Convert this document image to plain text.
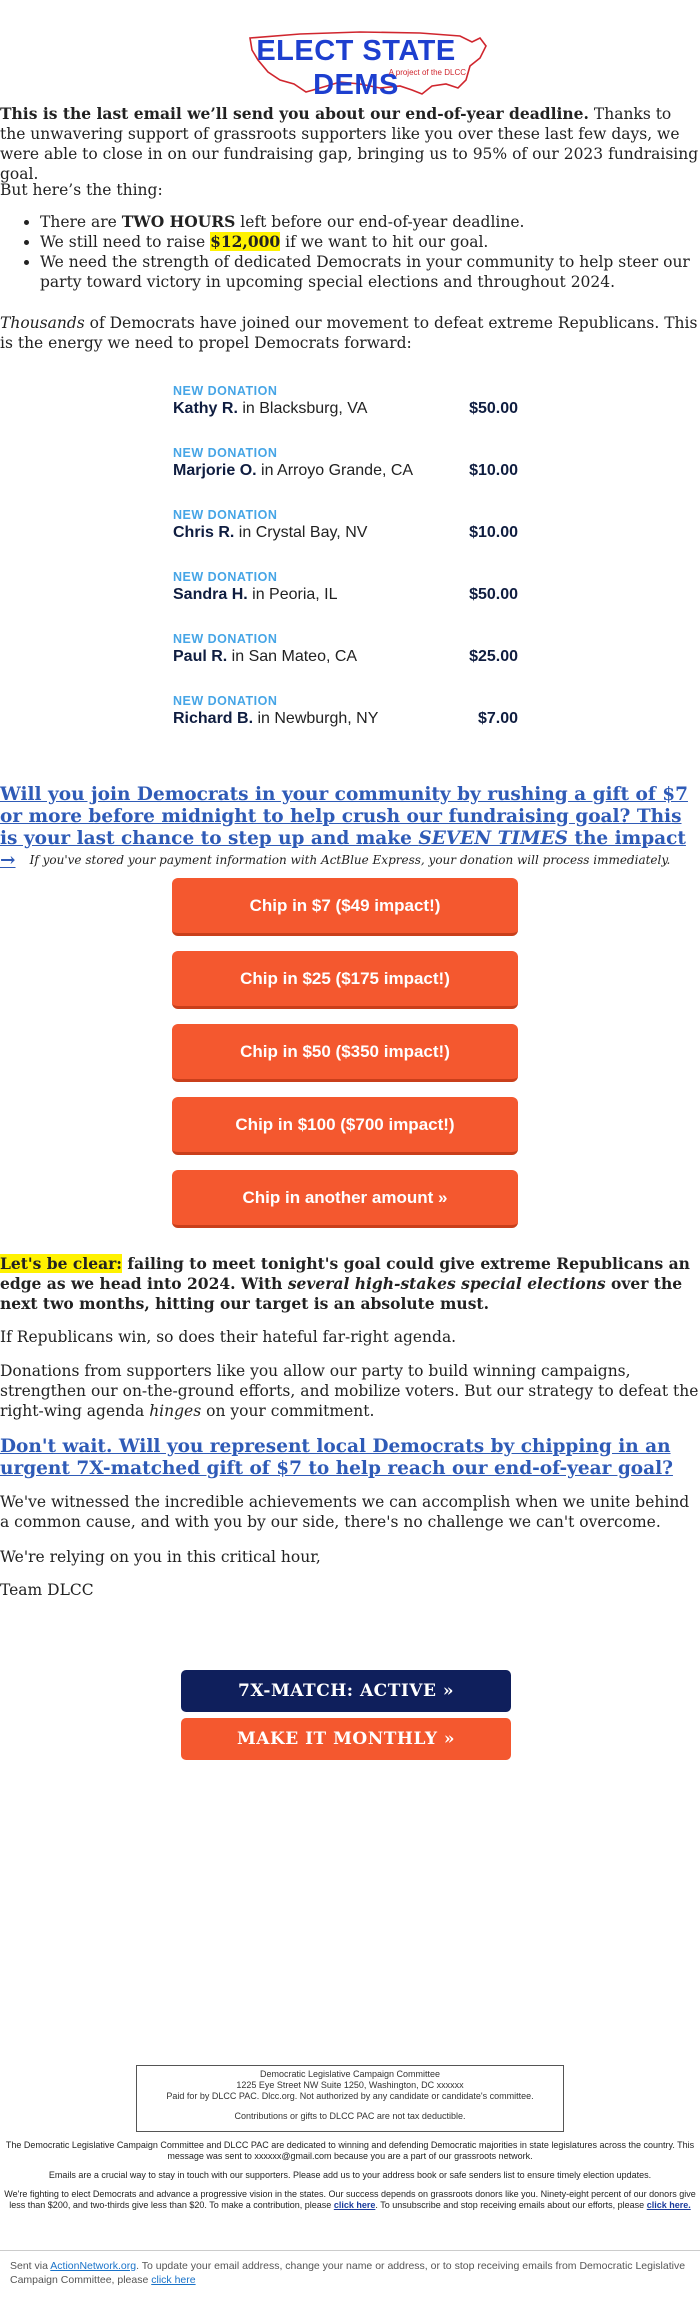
ELECT STATE DEMS
A project of the DLCC

This is the last email we’ll send you about our end-of-year deadline. Thanks to the unwavering support of grassroots supporters like you over these last few days, we were able to close in on our fundraising gap, bringing us to 95% of our 2023 fundraising goal.

But here’s the thing:

• There are TWO HOURS left before our end-of-year deadline.
• We still need to raise $12,000 if we want to hit our goal.
• We need the strength of dedicated Democrats in your community to help steer our party toward victory in upcoming special elections and throughout 2024.

Thousands of Democrats have joined our movement to defeat extreme Republicans. This is the energy we need to propel Democrats forward:

NEW DONATION
Kathy R. in Blacksburg, VA	$50.00
NEW DONATION
Marjorie O. in Arroyo Grande, CA	$10.00
NEW DONATION
Chris R. in Crystal Bay, NV	$10.00
NEW DONATION
Sandra H. in Peoria, IL	$50.00
NEW DONATION
Paul R. in San Mateo, CA	$25.00
NEW DONATION
Richard B. in Newburgh, NY	$7.00
Will you join Democrats in your community by rushing a gift of $7 or more before midnight to help crush our fundraising goal? This is your last chance to step up and make SEVEN TIMES the impact →	If you've stored your payment information with ActBlue Express, your donation will process immediately.
Chip in $7 ($49 impact!)
Chip in $25 ($175 impact!)
Chip in $50 ($350 impact!)
Chip in $100 ($700 impact!)
Chip in another amount »

Let's be clear: failing to meet tonight's goal could give extreme Republicans an edge as we head into 2024. With several high-stakes special elections over the next two months, hitting our target is an absolute must.

If Republicans win, so does their hateful far-right agenda.

Donations from supporters like you allow our party to build winning campaigns, strengthen our on-the-ground efforts, and mobilize voters. But our strategy to defeat the right-wing agenda hinges on your commitment.

Don't wait. Will you represent local Democrats by chipping in an urgent 7X-matched gift of $7 to help reach our end-of-year goal?

We've witnessed the incredible achievements we can accomplish when we unite behind a common cause, and with you by our side, there's no challenge we can't overcome.

We're relying on you in this critical hour,

Team DLCC

7X-MATCH: ACTIVE »
MAKE IT MONTHLY »
Democratic Legislative Campaign Committee
1225 Eye Street NW Suite 1250, Washington, DC xxxxxx
Paid for by DLCC PAC. Dlcc.org. Not authorized by any candidate or candidate's committee.
Contributions or gifts to DLCC PAC are not tax deductible.
The Democratic Legislative Campaign Committee and DLCC PAC are dedicated to winning and defending Democratic majorities in state legislatures across the country. This message was sent to xxxxxx@gmail.com because you are a part of our grassroots network.
Emails are a crucial way to stay in touch with our supporters. Please add us to your address book or safe senders list to ensure timely election updates.
We're fighting to elect Democrats and advance a progressive vision in the states. Our success depends on grassroots donors like you. Ninety-eight percent of our donors give less than $200, and two-thirds give less than $20. To make a contribution, please click here. To unsubscribe and stop receiving emails about our efforts, please click here.
Sent via ActionNetwork.org. To update your email address, change your name or address, or to stop receiving emails from Democratic Legislative Campaign Committee, please click here
